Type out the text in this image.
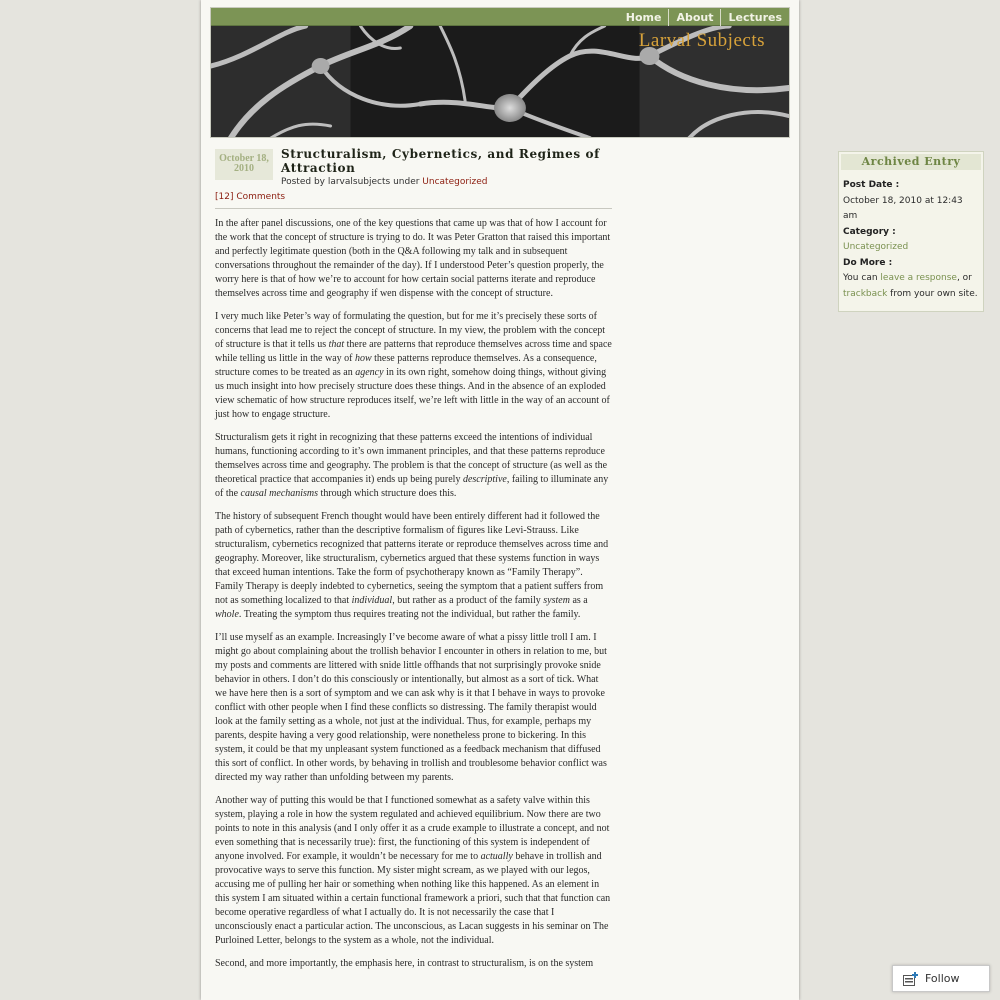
Home About Lectures
Larval Subjects
October 18, 2010
Structuralism, Cybernetics, and Regimes of Attraction
Posted by larvalsubjects under Uncategorized
[12] Comments

In the after panel discussions, one of the key questions that came up was that of how I account for the work that the concept of structure is trying to do. It was Peter Gratton that raised this important and perfectly legitimate question (both in the Q&A following my talk and in subsequent conversations throughout the remainder of the day). If I understood Peter’s question properly, the worry here is that of how we’re to account for how certain social patterns iterate and reproduce themselves across time and geography if wen dispense with the concept of structure.

I very much like Peter’s way of formulating the question, but for me it’s precisely these sorts of concerns that lead me to reject the concept of structure. In my view, the problem with the concept of structure is that it tells us that there are patterns that reproduce themselves across time and space while telling us little in the way of how these patterns reproduce themselves. As a consequence, structure comes to be treated as an agency in its own right, somehow doing things, without giving us much insight into how precisely structure does these things. And in the absence of an exploded view schematic of how structure reproduces itself, we’re left with little in the way of an account of just how to engage structure.

Structuralism gets it right in recognizing that these patterns exceed the intentions of individual humans, functioning according to it’s own immanent principles, and that these patterns reproduce themselves across time and geography. The problem is that the concept of structure (as well as the theoretical practice that accompanies it) ends up being purely descriptive, failing to illuminate any of the causal mechanisms through which structure does this.

The history of subsequent French thought would have been entirely different had it followed the path of cybernetics, rather than the descriptive formalism of figures like Levi-Strauss. Like structuralism, cybernetics recognized that patterns iterate or reproduce themselves across time and geography. Moreover, like structuralism, cybernetics argued that these systems function in ways that exceed human intentions. Take the form of psychotherapy known as “Family Therapy”. Family Therapy is deeply indebted to cybernetics, seeing the symptom that a patient suffers from not as something localized to that individual, but rather as a product of the family system as a whole. Treating the symptom thus requires treating not the individual, but rather the family.

I’ll use myself as an example. Increasingly I’ve become aware of what a pissy little troll I am. I might go about complaining about the trollish behavior I encounter in others in relation to me, but my posts and comments are littered with snide little offhands that not surprisingly provoke snide behavior in others. I don’t do this consciously or intentionally, but almost as a sort of tick. What we have here then is a sort of symptom and we can ask why is it that I behave in ways to provoke conflict with other people when I find these conflicts so distressing. The family therapist would look at the family setting as a whole, not just at the individual. Thus, for example, perhaps my parents, despite having a very good relationship, were nonetheless prone to bickering. In this system, it could be that my unpleasant system functioned as a feedback mechanism that diffused this sort of conflict. In other words, by behaving in trollish and troublesome behavior conflict was directed my way rather than unfolding between my parents.

Another way of putting this would be that I functioned somewhat as a safety valve within this system, playing a role in how the system regulated and achieved equilibrium. Now there are two points to note in this analysis (and I only offer it as a crude example to illustrate a concept, and not even something that is necessarily true): first, the functioning of this system is independent of anyone involved. For example, it wouldn’t be necessary for me to actually behave in trollish and provocative ways to serve this function. My sister might scream, as we played with our legos, accusing me of pulling her hair or something when nothing like this happened. As an element in this system I am situated within a certain functional framework a priori, such that that function can become operative regardless of what I actually do. It is not necessarily the case that I unconsciously enact a particular action. The unconscious, as Lacan suggests in his seminar on The Purloined Letter, belongs to the system as a whole, not the individual.

Second, and more importantly, the emphasis here, in contrast to structuralism, is on the system

Archived Entry
Post Date :
October 18, 2010 at 12:43 am
Category :
Uncategorized
Do More :
You can leave a response, or
trackback from your own site.
Follow
